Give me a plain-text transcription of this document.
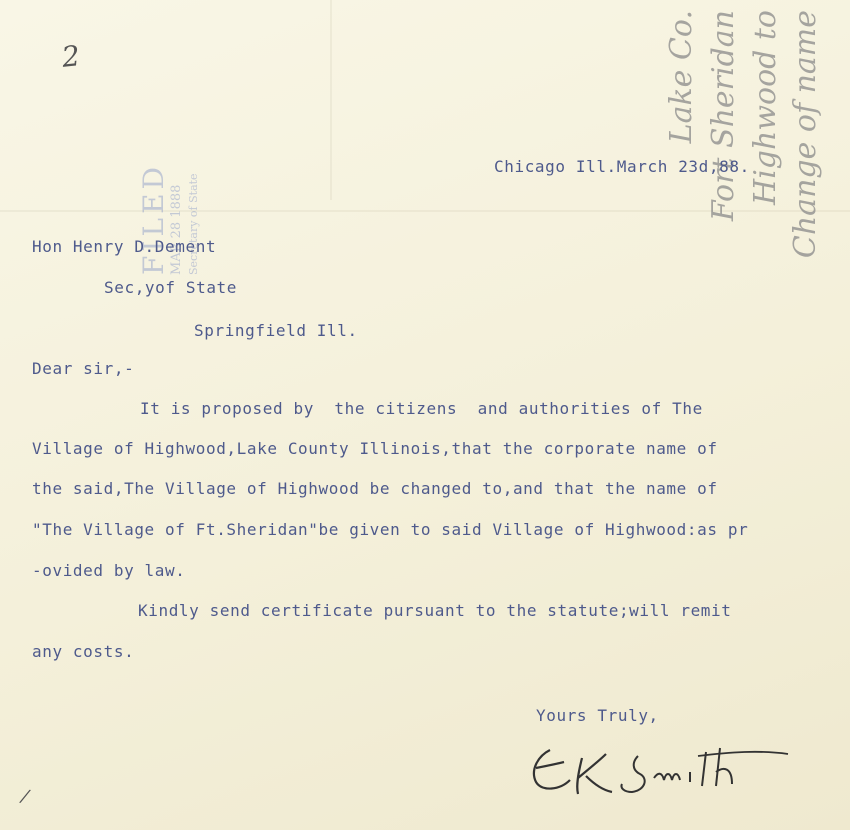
2
FILED MAR 28 1888 Secretary of State	Change of name
Highwood to
Fort Sheridan
Lake Co.
Chicago Ill.March 23d,88.
Hon Henry D.Dement
Sec,yof State
Springfield Ill.
Dear sir,-
It is proposed by  the citizens  and authorities of The
Village of Highwood,Lake County Illinois,that the corporate name of
the said,The Village of Highwood be changed to,and that the name of
"The Village of Ft.Sheridan"be given to said Village of Highwood:as pr
-ovided by law.
Kindly send certificate pursuant to the statute;will remit
any costs.
Yours Truly,
/
